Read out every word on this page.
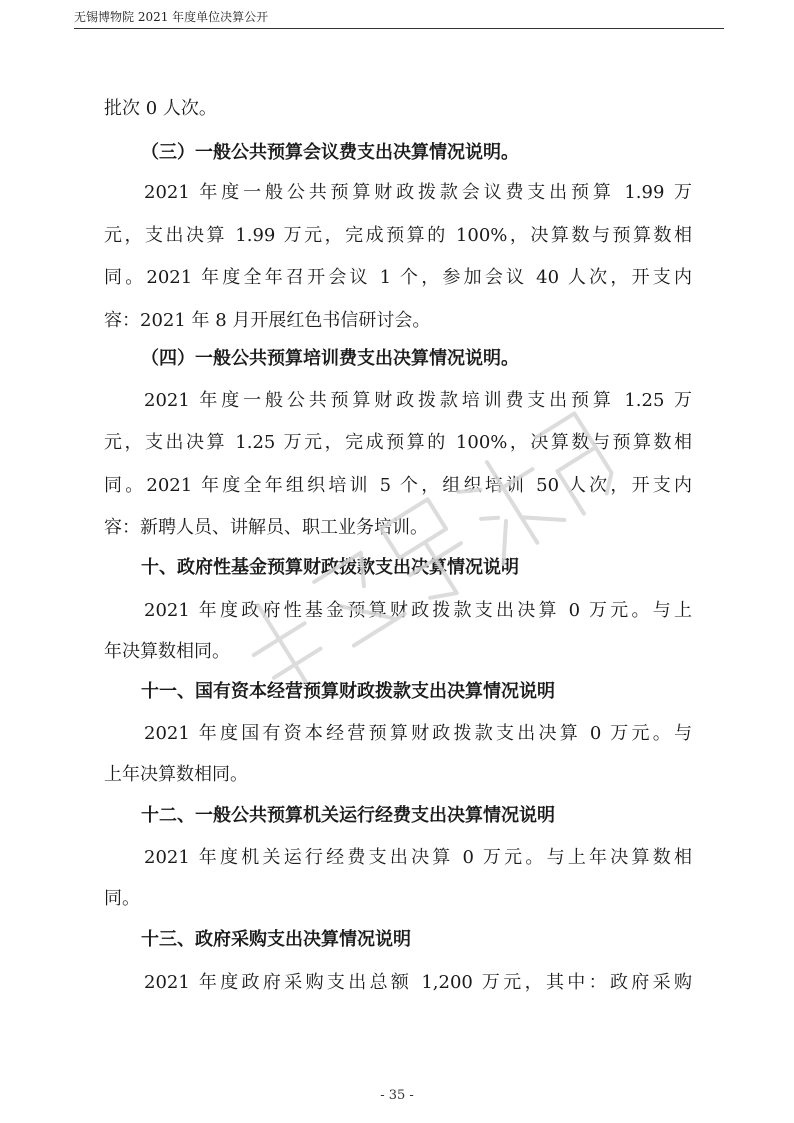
无锡博物院 2021 年度单位决算公开
批次 0 人次。
（三）一般公共预算会议费支出决算情况说明。
2021 年度一般公共预算财政拨款会议费支出预算 1.99 万
元，支出决算 1.99 万元，完成预算的 100%，决算数与预算数相
同。2021 年度全年召开会议 1 个，参加会议 40 人次，开支内
容：2021 年 8 月开展红色书信研讨会。
（四）一般公共预算培训费支出决算情况说明。
2021 年度一般公共预算财政拨款培训费支出预算 1.25 万
元，支出决算 1.25 万元，完成预算的 100%，决算数与预算数相
同。2021 年度全年组织培训 5 个，组织培训 50 人次，开支内
容：新聘人员、讲解员、职工业务培训。
十、政府性基金预算财政拨款支出决算情况说明
2021 年度政府性基金预算财政拨款支出决算 0 万元。与上
年决算数相同。
十一、国有资本经营预算财政拨款支出决算情况说明
2021 年度国有资本经营预算财政拨款支出决算 0 万元。与
上年决算数相同。
十二、一般公共预算机关运行经费支出决算情况说明
2021 年度机关运行经费支出决算 0 万元。与上年决算数相
同。
十三、政府采购支出决算情况说明
2021 年度政府采购支出总额 1,200 万元，其中：政府采购
- 35 -
